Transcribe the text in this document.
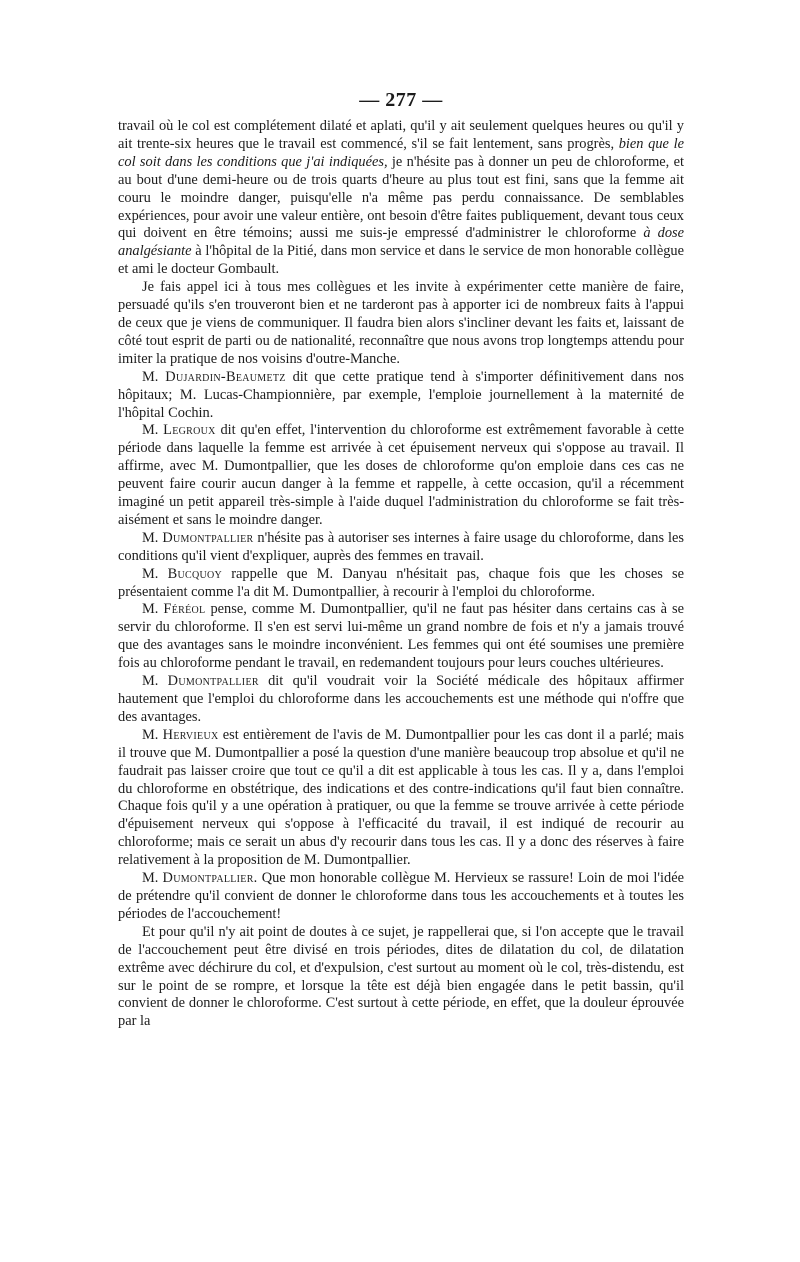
— 277 —

travail où le col est complétement dilaté et aplati, qu'il y ait seulement quelques heures ou qu'il y ait trente-six heures que le travail est commencé, s'il se fait lentement, sans progrès, bien que le col soit dans les conditions que j'ai indiquées, je n'hésite pas à donner un peu de chloroforme, et au bout d'une demi-heure ou de trois quarts d'heure au plus tout est fini, sans que la femme ait couru le moindre danger, puisqu'elle n'a même pas perdu connaissance. De semblables expériences, pour avoir une valeur entière, ont besoin d'être faites publiquement, devant tous ceux qui doivent en être témoins; aussi me suis-je empressé d'administrer le chloroforme à dose analgésiante à l'hôpital de la Pitié, dans mon service et dans le service de mon honorable collègue et ami le docteur Gombault.

Je fais appel ici à tous mes collègues et les invite à expérimenter cette manière de faire, persuadé qu'ils s'en trouveront bien et ne tarderont pas à apporter ici de nombreux faits à l'appui de ceux que je viens de communiquer. Il faudra bien alors s'incliner devant les faits et, laissant de côté tout esprit de parti ou de nationalité, reconnaître que nous avons trop longtemps attendu pour imiter la pratique de nos voisins d'outre-Manche.

M. Dujardin-Beaumetz dit que cette pratique tend à s'importer définitivement dans nos hôpitaux; M. Lucas-Championnière, par exemple, l'emploie journellement à la maternité de l'hôpital Cochin.

M. Legroux dit qu'en effet, l'intervention du chloroforme est extrêmement favorable à cette période dans laquelle la femme est arrivée à cet épuisement nerveux qui s'oppose au travail. Il affirme, avec M. Dumontpallier, que les doses de chloroforme qu'on emploie dans ces cas ne peuvent faire courir aucun danger à la femme et rappelle, à cette occasion, qu'il a récemment imaginé un petit appareil très-simple à l'aide duquel l'administration du chloroforme se fait très-aisément et sans le moindre danger.

M. Dumontpallier n'hésite pas à autoriser ses internes à faire usage du chloroforme, dans les conditions qu'il vient d'expliquer, auprès des femmes en travail.

M. Bucquoy rappelle que M. Danyau n'hésitait pas, chaque fois que les choses se présentaient comme l'a dit M. Dumontpallier, à recourir à l'emploi du chloroforme.

M. Féréol pense, comme M. Dumontpallier, qu'il ne faut pas hésiter dans certains cas à se servir du chloroforme. Il s'en est servi lui-même un grand nombre de fois et n'y a jamais trouvé que des avantages sans le moindre inconvénient. Les femmes qui ont été soumises une première fois au chloroforme pendant le travail, en redemandent toujours pour leurs couches ultérieures.

M. Dumontpallier dit qu'il voudrait voir la Société médicale des hôpitaux affirmer hautement que l'emploi du chloroforme dans les accouchements est une méthode qui n'offre que des avantages.

M. Hervieux est entièrement de l'avis de M. Dumontpallier pour les cas dont il a parlé; mais il trouve que M. Dumontpallier a posé la question d'une manière beaucoup trop absolue et qu'il ne faudrait pas laisser croire que tout ce qu'il a dit est applicable à tous les cas. Il y a, dans l'emploi du chloroforme en obstétrique, des indications et des contre-indications qu'il faut bien connaître. Chaque fois qu'il y a une opération à pratiquer, ou que la femme se trouve arrivée à cette période d'épuisement nerveux qui s'oppose à l'efficacité du travail, il est indiqué de recourir au chloroforme; mais ce serait un abus d'y recourir dans tous les cas. Il y a donc des réserves à faire relativement à la proposition de M. Dumontpallier.

M. Dumontpallier. Que mon honorable collègue M. Hervieux se rassure! Loin de moi l'idée de prétendre qu'il convient de donner le chloroforme dans tous les accouchements et à toutes les périodes de l'accouchement!

Et pour qu'il n'y ait point de doutes à ce sujet, je rappellerai que, si l'on accepte que le travail de l'accouchement peut être divisé en trois périodes, dites de dilatation du col, de dilatation extrême avec déchirure du col, et d'expulsion, c'est surtout au moment où le col, très-distendu, est sur le point de se rompre, et lorsque la tête est déjà bien engagée dans le petit bassin, qu'il convient de donner le chloroforme. C'est surtout à cette période, en effet, que la douleur éprouvée par la
